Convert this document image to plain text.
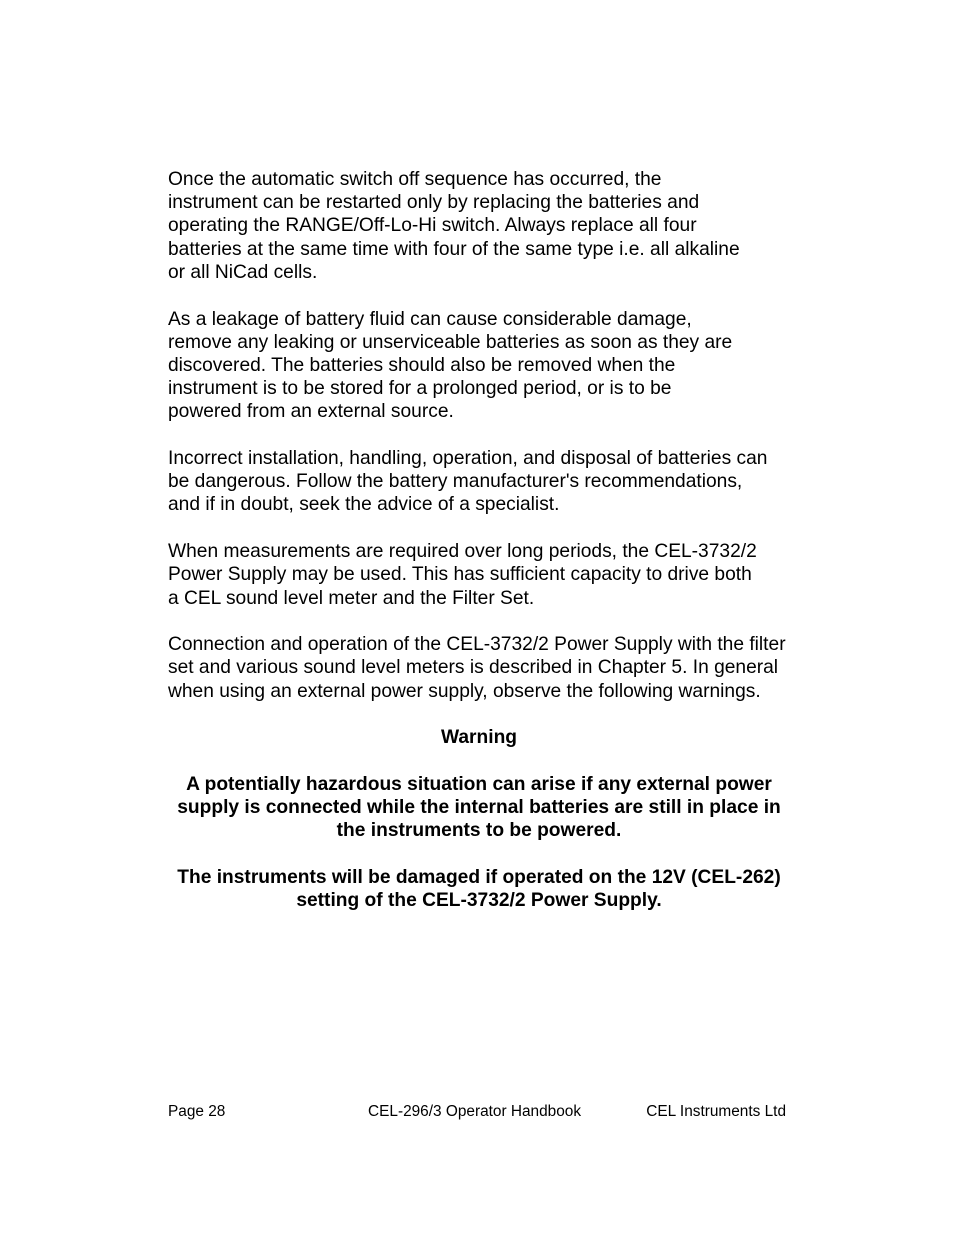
Once the automatic switch off sequence has occurred, the instrument can be restarted only by replacing the batteries and operating the RANGE/Off-Lo-Hi switch. Always replace all four batteries at the same time with four of the same type i.e. all alkaline or all NiCad cells.

As a leakage of battery fluid can cause considerable damage, remove any leaking or unserviceable batteries as soon as they are discovered. The batteries should also be removed when the instrument is to be stored for a prolonged period, or is to be powered from an external source.

Incorrect installation, handling, operation, and disposal of batteries can be dangerous. Follow the battery manufacturer's recommendations, and if in doubt, seek the advice of a specialist.

When measurements are required over long periods, the CEL-3732/2 Power Supply may be used. This has sufficient capacity to drive both a CEL sound level meter and the Filter Set.

Connection and operation of the CEL-3732/2 Power Supply with the filter set and various sound level meters is described in Chapter 5. In general when using an external power supply, observe the following warnings.

Warning

A potentially hazardous situation can arise if any external power supply is connected while the internal batteries are still in place in the instruments to be powered.

The instruments will be damaged if operated on the 12V (CEL-262) setting of the CEL-3732/2 Power Supply.

Page 28	CEL-296/3 Operator Handbook	CEL Instruments Ltd
